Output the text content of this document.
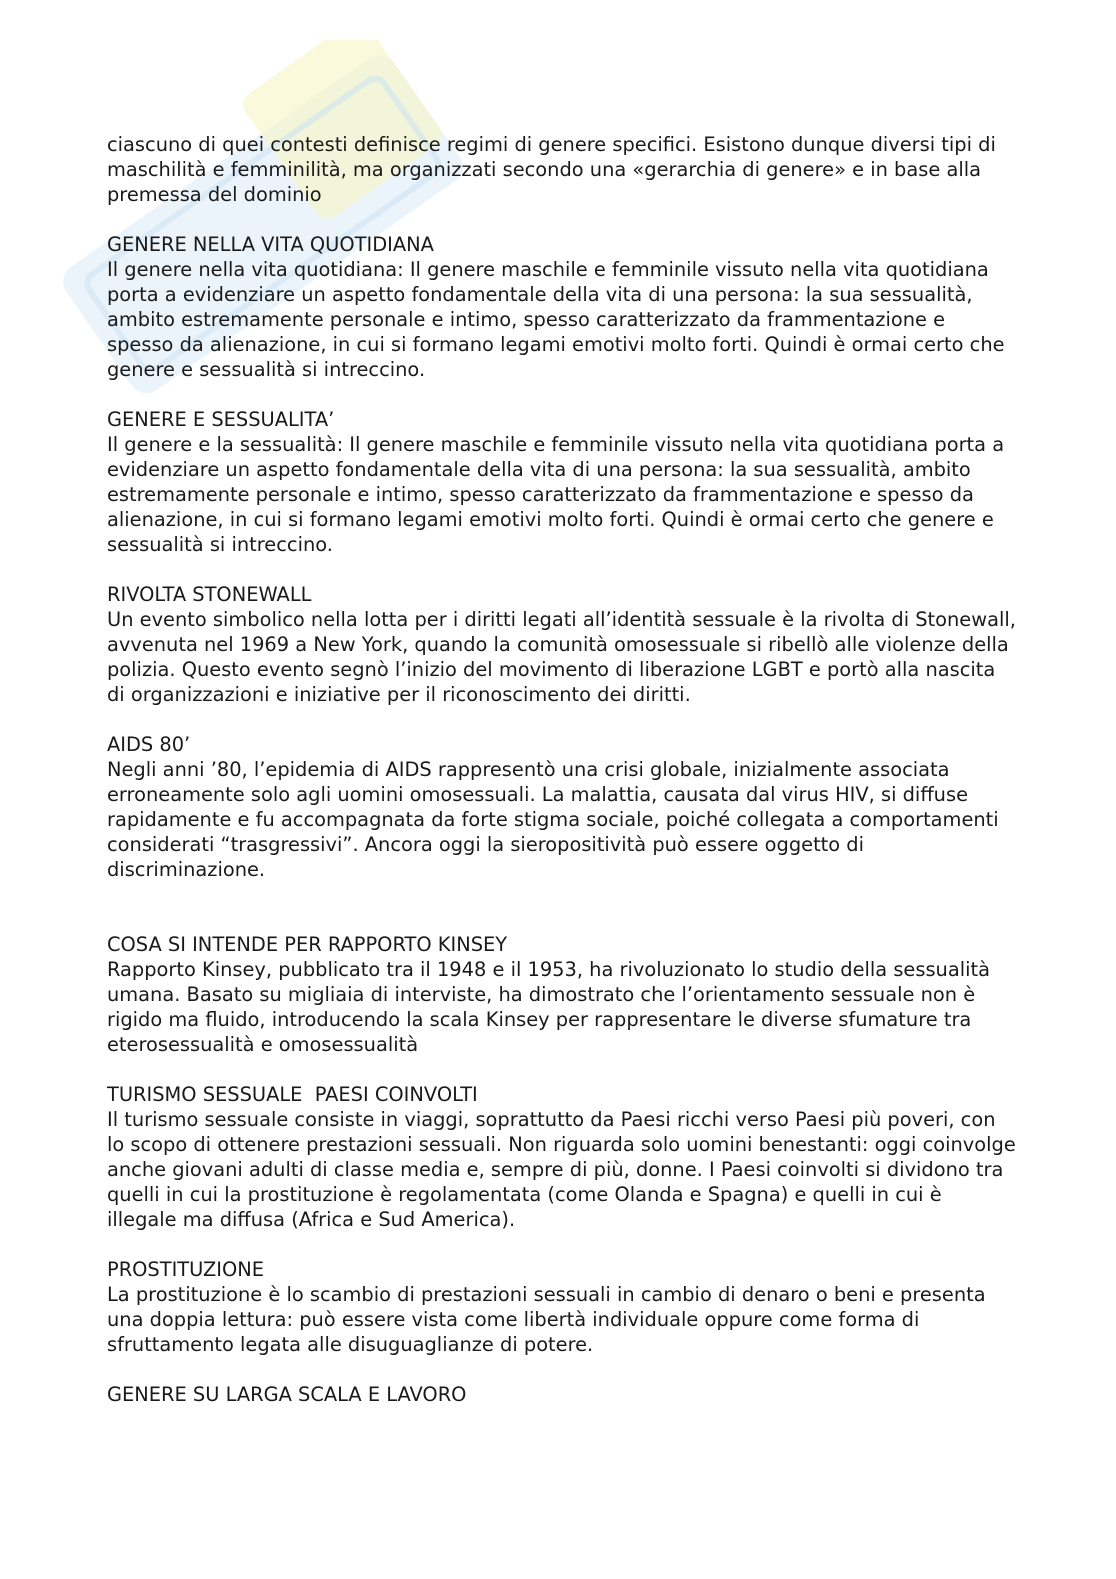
ciascuno di quei contesti definisce regimi di genere specifici. Esistono dunque diversi tipi di maschilità e femminilità, ma organizzati secondo una «gerarchia di genere» e in base alla premessa del dominio

GENERE NELLA VITA QUOTIDIANA

Il genere nella vita quotidiana: Il genere maschile e femminile vissuto nella vita quotidiana porta a evidenziare un aspetto fondamentale della vita di una persona: la sua sessualità, ambito estremamente personale e intimo, spesso caratterizzato da frammentazione e spesso da alienazione, in cui si formano legami emotivi molto forti. Quindi è ormai certo che genere e sessualità si intreccino.

GENERE E SESSUALITA’

Il genere e la sessualità: Il genere maschile e femminile vissuto nella vita quotidiana porta a evidenziare un aspetto fondamentale della vita di una persona: la sua sessualità, ambito estremamente personale e intimo, spesso caratterizzato da frammentazione e spesso da alienazione, in cui si formano legami emotivi molto forti. Quindi è ormai certo che genere e sessualità si intreccino.

RIVOLTA STONEWALL

Un evento simbolico nella lotta per i diritti legati all’identità sessuale è la rivolta di Stonewall, avvenuta nel 1969 a New York, quando la comunità omosessuale si ribellò alle violenze della polizia. Questo evento segnò l’inizio del movimento di liberazione LGBT e portò alla nascita di organizzazioni e iniziative per il riconoscimento dei diritti.

AIDS 80’

Negli anni ’80, l’epidemia di AIDS rappresentò una crisi globale, inizialmente associata erroneamente solo agli uomini omosessuali. La malattia, causata dal virus HIV, si diffuse rapidamente e fu accompagnata da forte stigma sociale, poiché collegata a comportamenti considerati “trasgressivi”. Ancora oggi la sieropositività può essere oggetto di discriminazione.

COSA SI INTENDE PER RAPPORTO KINSEY

Rapporto Kinsey, pubblicato tra il 1948 e il 1953, ha rivoluzionato lo studio della sessualità umana. Basato su migliaia di interviste, ha dimostrato che l’orientamento sessuale non è rigido ma fluido, introducendo la scala Kinsey per rappresentare le diverse sfumature tra eterosessualità e omosessualità

TURISMO SESSUALE  PAESI COINVOLTI

Il turismo sessuale consiste in viaggi, soprattutto da Paesi ricchi verso Paesi più poveri, con lo scopo di ottenere prestazioni sessuali. Non riguarda solo uomini benestanti: oggi coinvolge anche giovani adulti di classe media e, sempre di più, donne. I Paesi coinvolti si dividono tra quelli in cui la prostituzione è regolamentata (come Olanda e Spagna) e quelli in cui è illegale ma diffusa (Africa e Sud America).

PROSTITUZIONE

La prostituzione è lo scambio di prestazioni sessuali in cambio di denaro o beni e presenta una doppia lettura: può essere vista come libertà individuale oppure come forma di sfruttamento legata alle disuguaglianze di potere.

GENERE SU LARGA SCALA E LAVORO
